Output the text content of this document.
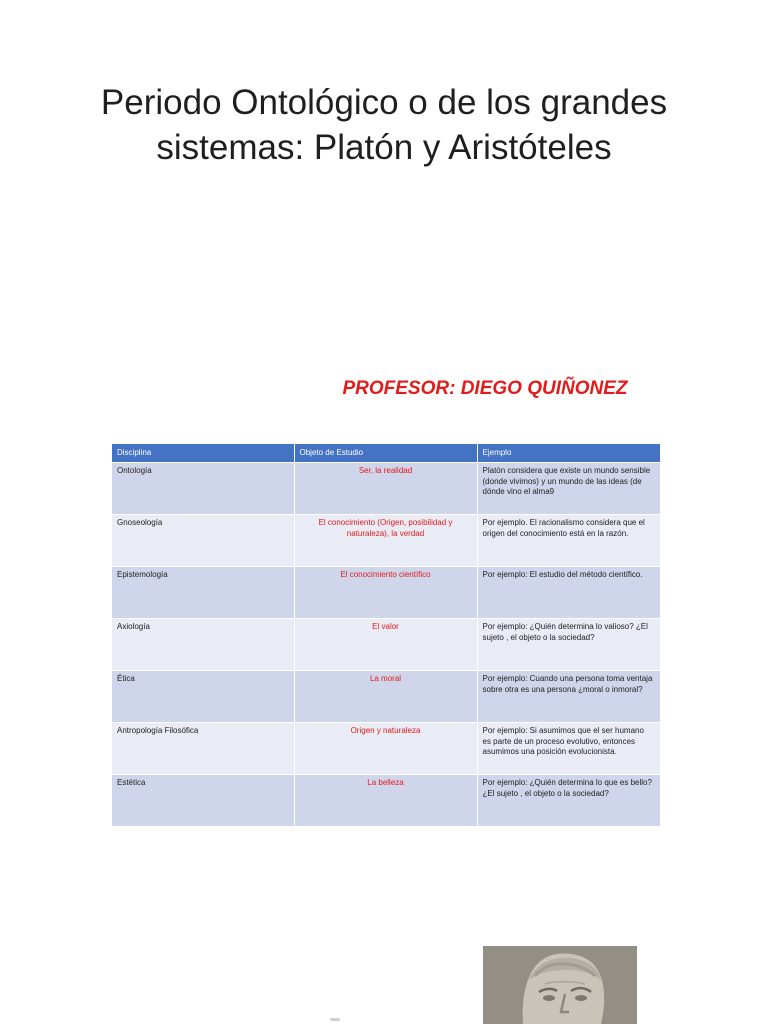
Periodo Ontológico o de los grandes sistemas: Platón y Aristóteles
PROFESOR: DIEGO QUIÑONEZ
Disciplina	Objeto de Estudio	Ejemplo
Ontología	Ser, la realidad	Platón considera que existe un mundo sensible (donde vivimos) y un mundo de las ideas (de dónde vino el alma9
Gnoseología	El conocimiento (Origen, posibilidad y naturaleza), la verdad	Por ejemplo. El racionalismo considera que el origen del conocimiento está en la razón.
Epistemología	El conocimiento científico	Por ejemplo: El estudio del método científico.
Axiología	El valor	Por ejemplo: ¿Quién determina lo valioso? ¿El sujeto , el objeto o la sociedad?
Ética	La moral	Por ejemplo: Cuando una persona toma ventaja sobre otra es una persona ¿moral o inmoral?
Antropología Filosófica	Origen y naturaleza	Por ejemplo: Si asumimos que el ser humano es parte de un proceso evolutivo, entonces asumimos una posición evolucionista.
Estética	La belleza	Por ejemplo: ¿Quién determina lo que es bello? ¿El sujeto , el objeto o la sociedad?
